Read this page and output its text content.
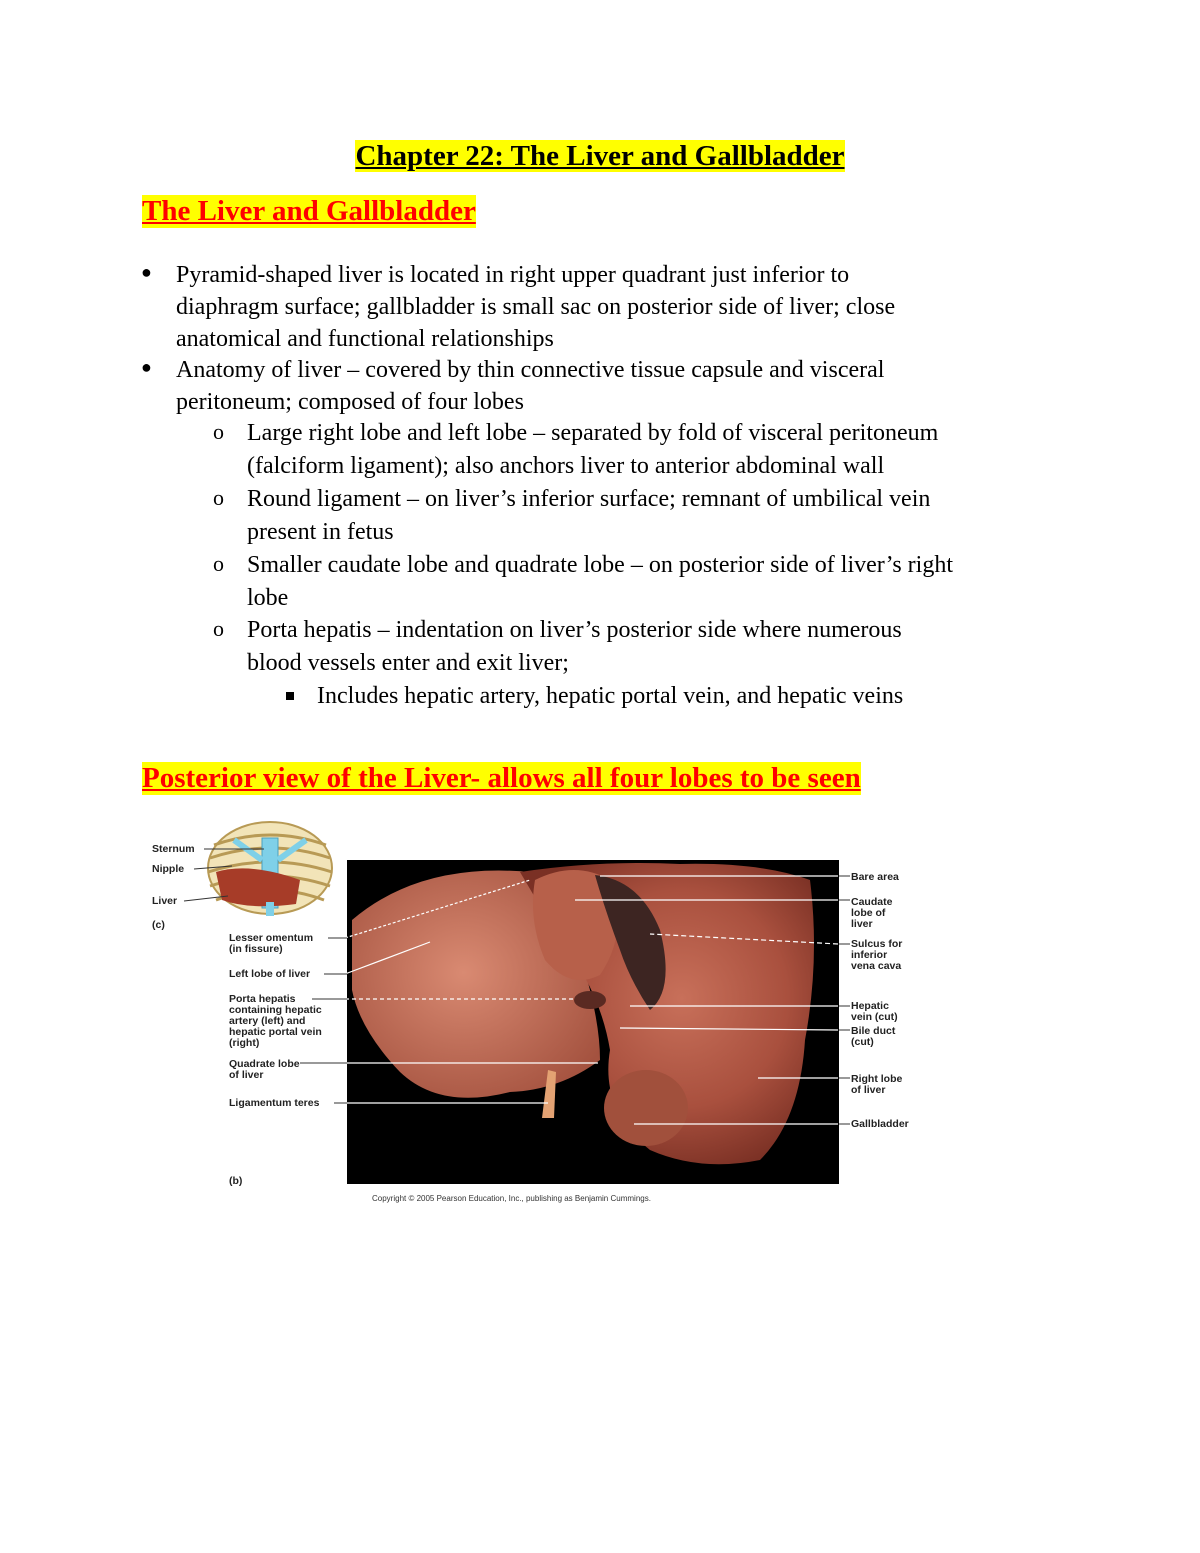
Chapter 22: The Liver and Gallbladder
The Liver and Gallbladder
● Pyramid-shaped liver is located in right upper quadrant just inferior to
diaphragm surface; gallbladder is small sac on posterior side of liver; close
anatomical and functional relationships
● Anatomy of liver – covered by thin connective tissue capsule and visceral
peritoneum; composed of four lobes
o Large right lobe and left lobe – separated by fold of visceral peritoneum
(falciform ligament); also anchors liver to anterior abdominal wall
o Round ligament – on liver’s inferior surface; remnant of umbilical vein
present in fetus
o Smaller caudate lobe and quadrate lobe – on posterior side of liver’s right
lobe
o Porta hepatis – indentation on liver’s posterior side where numerous
blood vessels enter and exit liver;
Includes hepatic artery, hepatic portal vein, and hepatic veins
Posterior view of the Liver- allows all four lobes to be seen
Sternum
Nipple
Liver
(c)
Lesser omentum
(in fissure)
Left lobe of liver
Porta hepatis
containing hepatic
artery (left) and
hepatic portal vein
(right)
Quadrate lobe
of liver
Ligamentum teres
(b)
Bare area
Caudate
lobe of
liver
Sulcus for
inferior
vena cava
Hepatic
vein (cut)
Bile duct
(cut)
Right lobe
of liver
Gallbladder
Copyright © 2005 Pearson Education, Inc., publishing as Benjamin Cummings.
